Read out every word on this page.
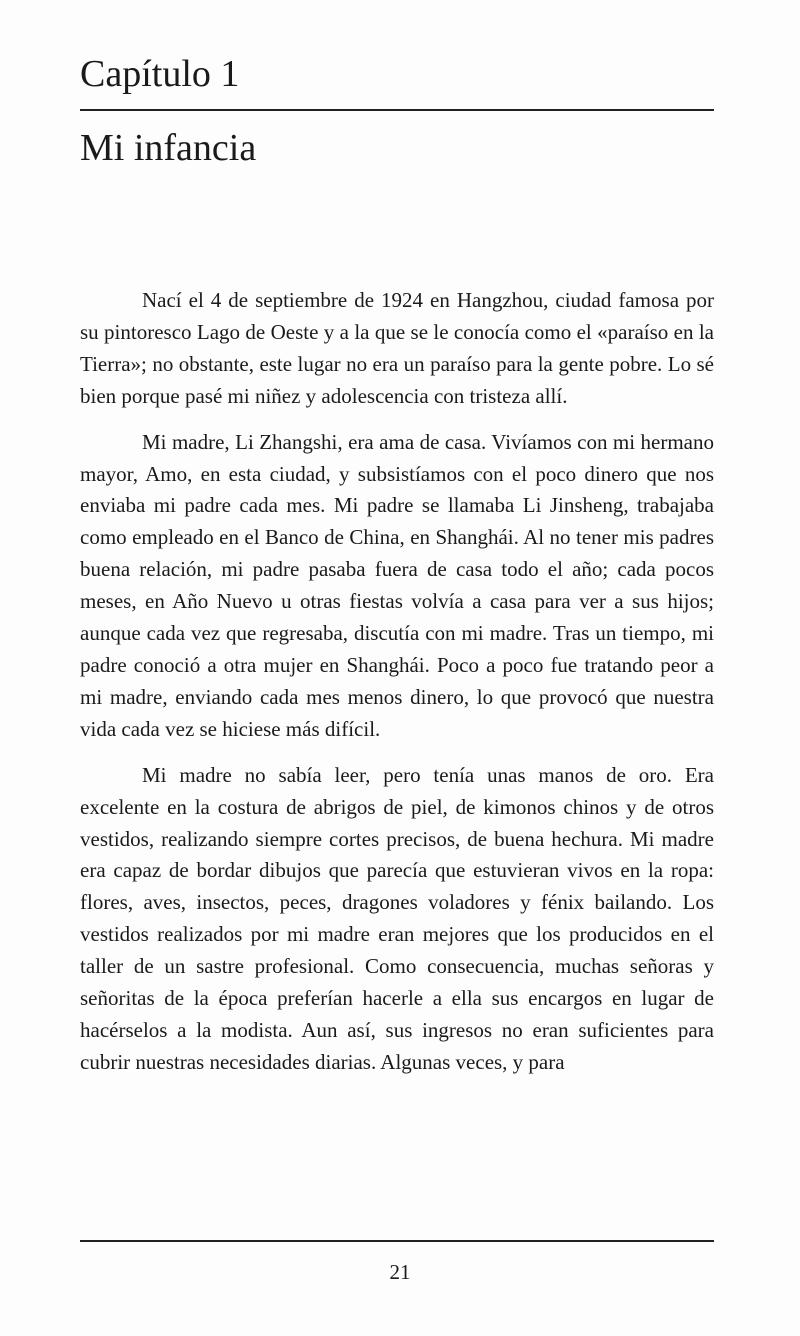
Capítulo 1
Mi infancia

Nací el 4 de septiembre de 1924 en Hangzhou, ciudad famosa por su pintoresco Lago de Oeste y a la que se le conocía como el «paraíso en la Tierra»; no obstante, este lugar no era un paraíso para la gente pobre. Lo sé bien porque pasé mi niñez y adolescencia con tristeza allí.

Mi madre, Li Zhangshi, era ama de casa. Vivíamos con mi hermano mayor, Amo, en esta ciudad, y subsistíamos con el poco dinero que nos enviaba mi padre cada mes. Mi padre se llamaba Li Jinsheng, trabajaba como empleado en el Banco de China, en Shanghái. Al no tener mis padres buena relación, mi padre pasaba fuera de casa todo el año; cada pocos meses, en Año Nuevo u otras fiestas volvía a casa para ver a sus hijos; aunque cada vez que regresaba, discutía con mi madre. Tras un tiempo, mi padre conoció a otra mujer en Shanghái. Poco a poco fue tratando peor a mi madre, enviando cada mes menos dinero, lo que provocó que nuestra vida cada vez se hiciese más difícil.

Mi madre no sabía leer, pero tenía unas manos de oro. Era excelente en la costura de abrigos de piel, de kimonos chinos y de otros vestidos, realizando siempre cortes precisos, de buena hechura. Mi madre era capaz de bordar dibujos que parecía que estuvieran vivos en la ropa: flores, aves, insectos, peces, dragones voladores y fénix bailando. Los vestidos realizados por mi madre eran mejores que los producidos en el taller de un sastre profesional. Como consecuencia, muchas señoras y señoritas de la época preferían hacerle a ella sus encargos en lugar de hacérselos a la modista. Aun así, sus ingresos no eran suficientes para cubrir nuestras necesidades diarias. Algunas veces, y para

21
